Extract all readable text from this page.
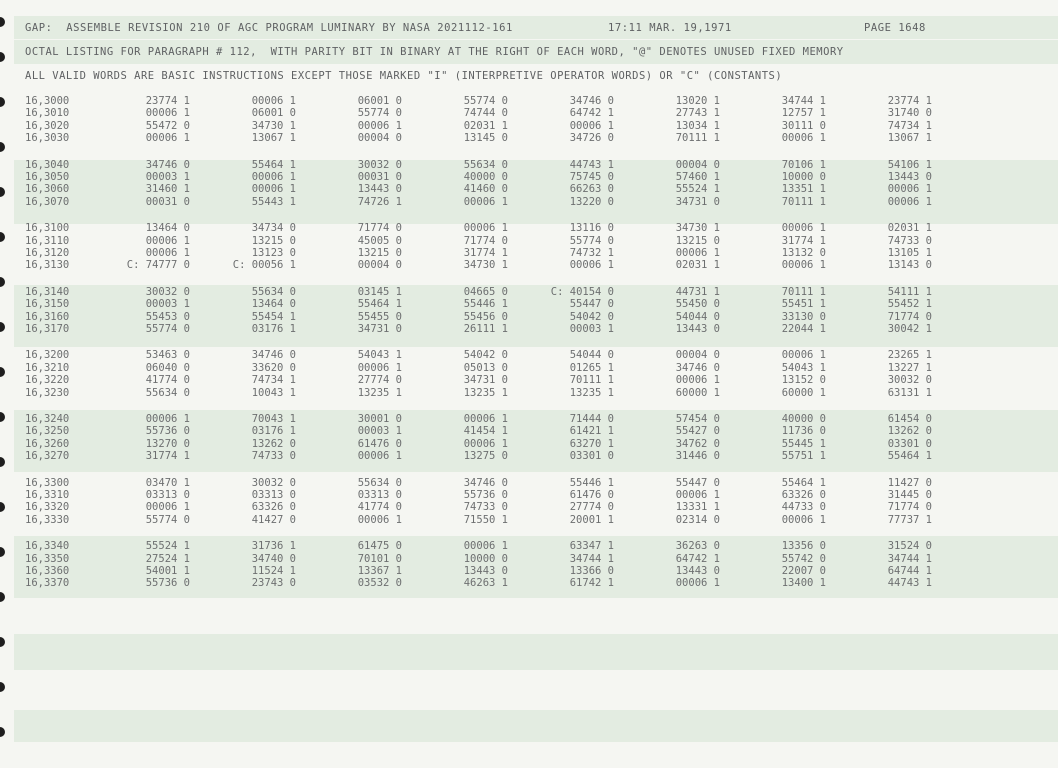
GAP:  ASSEMBLE REVISION 210 OF AGC PROGRAM LUMINARY BY NASA 2021112-161	17:11 MAR. 19,1971	PAGE 1648
OCTAL LISTING FOR PARAGRAPH # 112,  WITH PARITY BIT IN BINARY AT THE RIGHT OF EACH WORD, "@" DENOTES UNUSED FIXED MEMORY
ALL VALID WORDS ARE BASIC INSTRUCTIONS EXCEPT THOSE MARKED "I" (INTERPRETIVE OPERATOR WORDS) OR "C" (CONSTANTS)
16,3000	23774 1	00006 1	06001 0	55774 0	34746 0	13020 1	34744 1	23774 1
16,3010	00006 1	06001 0	55774 0	74744 0	64742 1	27743 1	12757 1	31740 0
16,3020	55472 0	34730 1	00006 1	02031 1	00006 1	13034 1	30111 0	74734 1
16,3030	00006 1	13067 1	00004 0	13145 0	34726 0	70111 1	00006 1	13067 1
16,3040	34746 0	55464 1	30032 0	55634 0	44743 1	00004 0	70106 1	54106 1
16,3050	00003 1	00006 1	00031 0	40000 0	75745 0	57460 1	10000 0	13443 0
16,3060	31460 1	00006 1	13443 0	41460 0	66263 0	55524 1	13351 1	00006 1
16,3070	00031 0	55443 1	74726 1	00006 1	13220 0	34731 0	70111 1	00006 1
16,3100	13464 0	34734 0	71774 0	00006 1	13116 0	34730 1	00006 1	02031 1
16,3110	00006 1	13215 0	45005 0	71774 0	55774 0	13215 0	31774 1	74733 0
16,3120	00006 1	13123 0	13215 0	31774 1	74732 1	00006 1	13132 0	13105 1
16,3130	C: 74777 0	C: 00056 1	00004 0	34730 1	00006 1	02031 1	00006 1	13143 0
16,3140	30032 0	55634 0	03145 1	04665 0	C: 40154 0	44731 1	70111 1	54111 1
16,3150	00003 1	13464 0	55464 1	55446 1	55447 0	55450 0	55451 1	55452 1
16,3160	55453 0	55454 1	55455 0	55456 0	54042 0	54044 0	33130 0	71774 0
16,3170	55774 0	03176 1	34731 0	26111 1	00003 1	13443 0	22044 1	30042 1
16,3200	53463 0	34746 0	54043 1	54042 0	54044 0	00004 0	00006 1	23265 1
16,3210	06040 0	33620 0	00006 1	05013 0	01265 1	34746 0	54043 1	13227 1
16,3220	41774 0	74734 1	27774 0	34731 0	70111 1	00006 1	13152 0	30032 0
16,3230	55634 0	10043 1	13235 1	13235 1	13235 1	60000 1	60000 1	63131 1
16,3240	00006 1	70043 1	30001 0	00006 1	71444 0	57454 0	40000 0	61454 0
16,3250	55736 0	03176 1	00003 1	41454 1	61421 1	55427 0	11736 0	13262 0
16,3260	13270 0	13262 0	61476 0	00006 1	63270 1	34762 0	55445 1	03301 0
16,3270	31774 1	74733 0	00006 1	13275 0	03301 0	31446 0	55751 1	55464 1
16,3300	03470 1	30032 0	55634 0	34746 0	55446 1	55447 0	55464 1	11427 0
16,3310	03313 0	03313 0	03313 0	55736 0	61476 0	00006 1	63326 0	31445 0
16,3320	00006 1	63326 0	41774 0	74733 0	27774 0	13331 1	44733 0	71774 0
16,3330	55774 0	41427 0	00006 1	71550 1	20001 1	02314 0	00006 1	77737 1
16,3340	55524 1	31736 1	61475 0	00006 1	63347 1	36263 0	13356 0	31524 0
16,3350	27524 1	34740 0	70101 0	10000 0	34744 1	64742 1	55742 0	34744 1
16,3360	54001 1	11524 1	13367 1	13443 0	13366 0	13443 0	22007 0	64744 1
16,3370	55736 0	23743 0	03532 0	46263 1	61742 1	00006 1	13400 1	44743 1
